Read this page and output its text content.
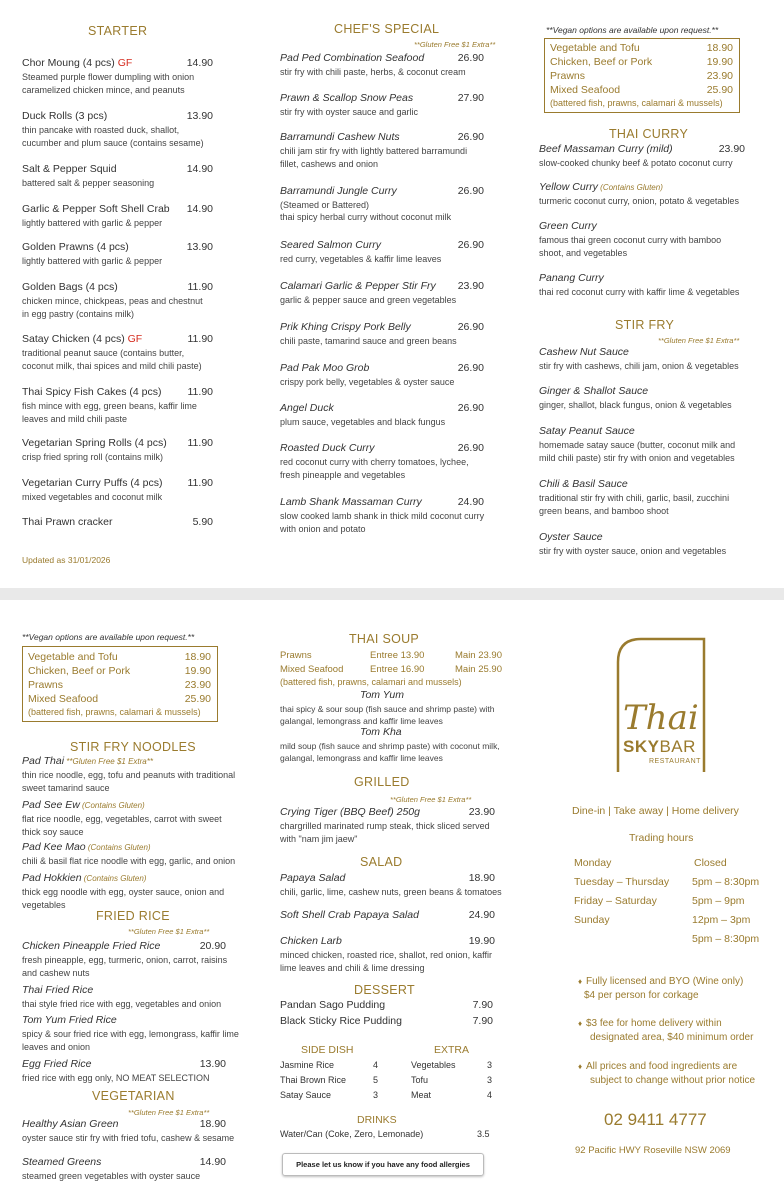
STARTER
Updated as 31/01/2026
CHEF'S SPECIAL
**Gluten Free $1 Extra**
**Vegan options are available upon request.**
Vegetable and Tofu	18.90
Chicken, Beef or Pork	19.90
Prawns	23.90
Mixed Seafood	25.90
(battered fish, prawns, calamari & mussels)
THAI CURRY
STIR FRY
**Gluten Free $1 Extra**
Chor Moung (4 pcs) GF	14.90
Steamed purple flower dumpling with onion
caramelized chicken mince, and peanuts
Duck Rolls (3 pcs)	13.90
thin pancake with roasted duck, shallot,
cucumber and plum sauce (contains sesame)
Salt & Pepper Squid	14.90
battered salt & pepper seasoning
Garlic & Pepper Soft Shell Crab	14.90
lightly battered with garlic & pepper
Golden Prawns (4 pcs)	13.90
lightly battered with garlic & pepper
Golden Bags (4 pcs)	11.90
chicken mince, chickpeas, peas and chestnut
in egg pastry (contains milk)
Satay Chicken (4 pcs) GF	11.90
traditional peanut sauce (contains butter,
coconut milk, thai spices and mild chili paste)
Thai Spicy Fish Cakes (4 pcs)	11.90
fish mince with egg, green beans, kaffir lime
leaves and mild chili paste
Vegetarian Spring Rolls (4 pcs)	11.90
crisp fried spring roll (contains milk)
Vegetarian Curry Puffs (4 pcs)	11.90
mixed vegetables and coconut milk
Thai Prawn cracker	5.90
Pad Ped Combination Seafood	26.90
stir fry with chili paste, herbs, & coconut cream
Prawn & Scallop Snow Peas	27.90
stir fry with oyster sauce and garlic
Barramundi Cashew Nuts	26.90
chili jam stir fry with lightly battered barramundi
fillet, cashews and onion
Barramundi Jungle Curry	26.90
(Steamed or Battered)
thai spicy herbal curry without coconut milk
Seared Salmon Curry	26.90
red curry, vegetables & kaffir lime leaves
Calamari Garlic & Pepper Stir Fry	23.90
garlic & pepper sauce and green vegetables
Prik Khing Crispy Pork Belly	26.90
chili paste, tamarind sauce and green beans
Pad Pak Moo Grob	26.90
crispy pork belly, vegetables & oyster sauce
Angel Duck	26.90
plum sauce, vegetables and black fungus
Roasted Duck Curry	26.90
red coconut curry with cherry tomatoes, lychee,
fresh pineapple and vegetables
Lamb Shank Massaman Curry	24.90
slow cooked lamb shank in thick mild coconut curry
with onion and potato
Beef Massaman Curry (mild)	23.90
slow-cooked chunky beef & potato coconut curry
Yellow Curry (Contains Gluten)
turmeric coconut curry, onion, potato & vegetables
Green Curry
famous thai green coconut curry with bamboo
shoot, and vegetables
Panang Curry
thai red coconut curry with kaffir lime & vegetables
Cashew Nut Sauce
stir fry with cashews, chili jam, onion & vegetables
Ginger & Shallot Sauce
ginger, shallot, black fungus, onion & vegetables
Satay Peanut Sauce
homemade satay sauce (butter, coconut milk and
mild chili paste) stir fry with onion and vegetables
Chili & Basil Sauce
traditional stir fry with chili, garlic, basil, zucchini
green beans, and bamboo shoot
Oyster Sauce
stir fry with oyster sauce, onion and vegetables
**Vegan options are available upon request.**
Vegetable and Tofu	18.90
Chicken, Beef or Pork	19.90
Prawns	23.90
Mixed Seafood	25.90
(battered fish, prawns, calamari & mussels)
STIR FRY NOODLES
FRIED RICE
**Gluten Free $1 Extra**
VEGETARIAN
**Gluten Free $1 Extra**
THAI SOUP
(battered fish, prawns, calamari and mussels)
Tom Yum
Tom Kha
GRILLED
**Gluten Free $1 Extra**
SALAD
DESSERT
SIDE DISH	EXTRA
DRINKS
Water/Can (Coke, Zero, Lemonade)	3.5
Please let us know if you have any food allergies
Thai
SKYBAR
RESTAURANT
Dine-in | Take away | Home delivery
Trading hours
02 9411 4777
92 Pacific HWY Roseville NSW 2069
Pad Thai **Gluten Free $1 Extra**
thin rice noodle, egg, tofu and peanuts with traditional
sweet tamarind sauce
Pad See Ew (Contains Gluten)
flat rice noodle, egg, vegetables, carrot with sweet
thick soy sauce
Pad Kee Mao (Contains Gluten)
chili & basil flat rice noodle with egg, garlic, and onion
Pad Hokkien (Contains Gluten)
thick egg noodle with egg, oyster sauce, onion and
vegetables
Chicken Pineapple Fried Rice	20.90
fresh pineapple, egg, turmeric, onion, carrot, raisins
and cashew nuts
Thai Fried Rice
thai style fried rice with egg, vegetables and onion
Tom Yum Fried Rice
spicy & sour fried rice with egg, lemongrass, kaffir lime
leaves and onion
Egg Fried Rice	13.90
fried rice with egg only, NO MEAT SELECTION
Healthy Asian Green	18.90
oyster sauce stir fry with fried tofu, cashew & sesame
Steamed Greens	14.90
steamed green vegetables with oyster sauce
Prawns	Entree 13.90	Main 23.90
Mixed Seafood	Entree 16.90	Main 25.90
thai spicy & sour soup (fish sauce and shrimp paste) with
galangal, lemongrass and kaffir lime leaves
mild soup (fish sauce and shrimp paste) with coconut milk,
galangal, lemongrass and kaffir lime leaves
Crying Tiger (BBQ Beef) 250g	23.90
chargrilled marinated rump steak, thick sliced served
with "nam jim jaew"
Papaya Salad	18.90
chili, garlic, lime, cashew nuts, green beans & tomatoes
Soft Shell Crab Papaya Salad	24.90
Chicken Larb	19.90
minced chicken, roasted rice, shallot, red onion, kaffir
lime leaves and chili & lime dressing
Pandan Sago Pudding	7.90
Black Sticky Rice Pudding	7.90
Jasmine Rice	4
Thai Brown Rice	5
Satay Sauce	3
Vegetables	3
Tofu	3
Meat	4
Monday	Closed
Tuesday – Thursday 5pm – 8:30pm
Friday – Saturday	5pm – 9pm
Sunday	12pm – 3pm
5pm – 8:30pm
♦ Fully licensed and BYO (Wine only)
$4 per person for corkage
♦ $3 fee for home delivery within
designated area, $40 minimum order
♦ All prices and food ingredients are
subject to change without prior notice
